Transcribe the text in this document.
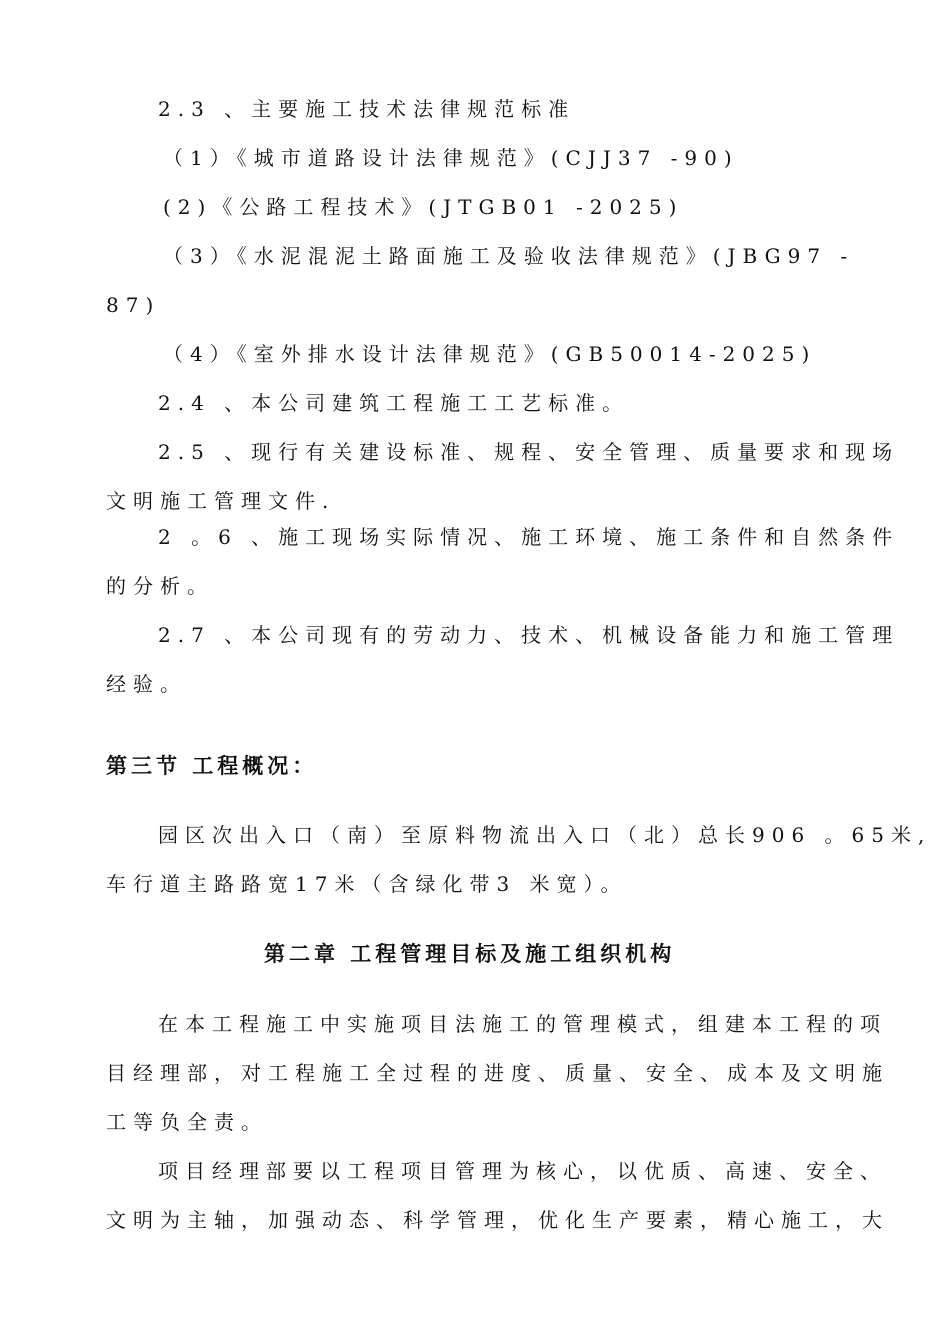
2.3 、主要施工技术法律规范标准
（1）《城市道路设计法律规范》(CJJ37 -90)
(2)《公路工程技术》(JTGB01 -2025)
（3）《水泥混泥土路面施工及验收法律规范》(JBG97 -
87)
（4）《室外排水设计法律规范》(GB50014-2025)
2.4 、本公司建筑工程施工工艺标准。
2.5 、现行有关建设标准、规程、安全管理、质量要求和现场
文明施工管理文件.
2 。6 、施工现场实际情况、施工环境、施工条件和自然条件
的分析。
2.7 、本公司现有的劳动力、技术、机械设备能力和施工管理
经验。
第三节 工程概况：
园区次出入口（南）至原料物流出入口（北）总长906 。65米,
车行道主路路宽17米（含绿化带3 米宽）。
第二章 工程管理目标及施工组织机构
在本工程施工中实施项目法施工的管理模式，组建本工程的项
目经理部，对工程施工全过程的进度、质量、安全、成本及文明施
工等负全责。
项目经理部要以工程项目管理为核心，以优质、高速、安全、
文明为主轴，加强动态、科学管理，优化生产要素，精心施工，大
